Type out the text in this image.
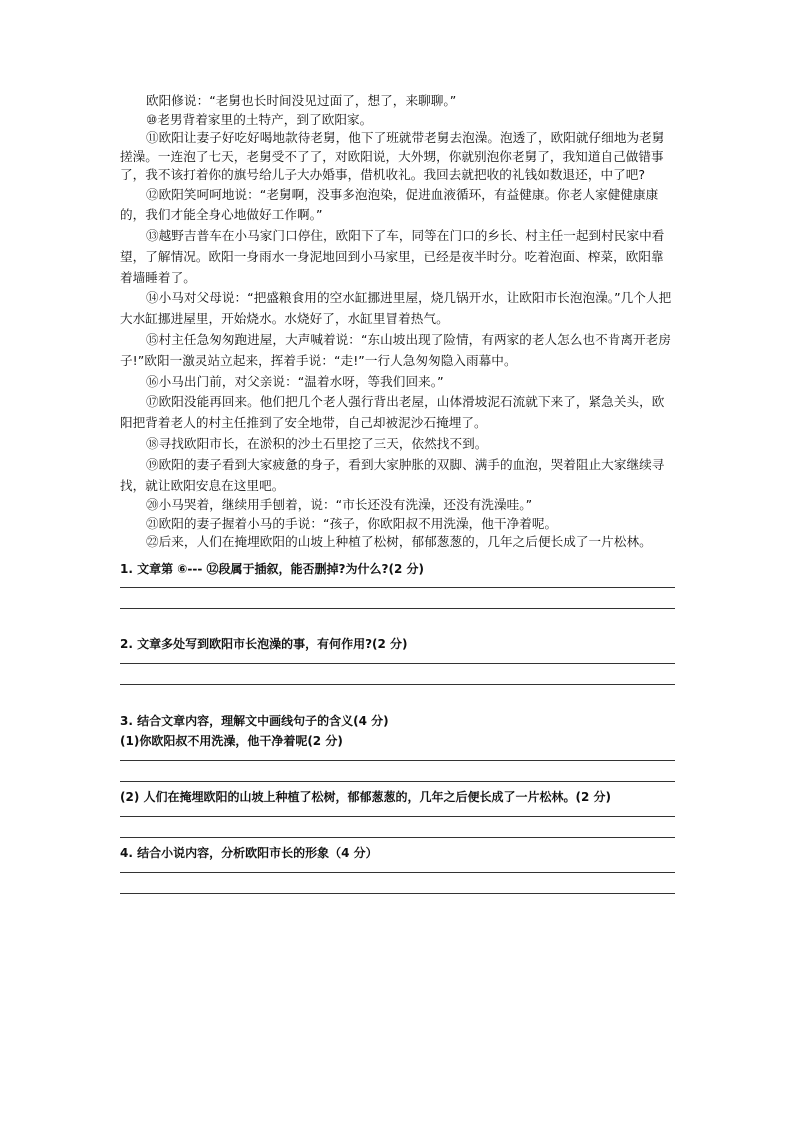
欧阳修说：“老舅也长时间没见过面了，想了，来聊聊。”

⑩老男背着家里的土特产，到了欧阳家。

⑪欧阳让妻子好吃好喝地款待老舅，他下了班就带老舅去泡澡。泡透了，欧阳就仔细地为老舅搓澡。一连泡了七天，老舅受不了了，对欧阳说，大外甥，你就别泡你老舅了，我知道自己做错事了，我不该打着你的旗号给儿子大办婚事，借机收礼。我回去就把收的礼钱如数退还，中了吧?

⑫欧阳笑呵呵地说：“老舅啊，没事多泡泡染，促进血液循环，有益健康。你老人家健健康康的，我们才能全身心地做好工作啊。”

⑬越野吉普车在小马家门口停住，欧阳下了车，同等在门口的乡长、村主任一起到村民家中看望，了解情况。欧阳一身雨水一身泥地回到小马家里，已经是夜半时分。吃着泡面、榨菜，欧阳靠着墙睡着了。

⑭小马对父母说：“把盛粮食用的空水缸挪进里屋，烧几锅开水，让欧阳市长泡泡澡。”几个人把大水缸挪进屋里，开始烧水。水烧好了，水缸里冒着热气。

⑮村主任急匆匆跑进屋，大声喊着说：“东山坡出现了险情，有两家的老人怎么也不肯离开老房子!”欧阳一激灵站立起来，挥着手说：“走!”一行人急匆匆隐入雨幕中。

⑯小马出门前，对父亲说：“温着水呀，等我们回来。”

⑰欧阳没能再回来。他们把几个老人强行背出老屋，山体滑坡泥石流就下来了，紧急关头，欧阳把背着老人的村主任推到了安全地带，自己却被泥沙石掩埋了。

⑱寻找欧阳市长，在淤积的沙土石里挖了三天，依然找不到。

⑲欧阳的妻子看到大家疲惫的身子，看到大家肿胀的双脚、满手的血泡，哭着阻止大家继续寻找，就让欧阳安息在这里吧。

⑳小马哭着，继续用手刨着，说：“市长还没有洗澡，还没有洗澡哇。”

㉑欧阳的妻子握着小马的手说：“孩子，你欧阳叔不用洗澡，他干净着呢。

㉒后来，人们在掩埋欧阳的山坡上种植了松树，郁郁葱葱的，几年之后便长成了一片松林。

1. 文章第 ⑥--- ⑫段属于插叙，能否删掉?为什么?(2 分)

2. 文章多处写到欧阳市长泡澡的事，有何作用?(2 分)

3. 结合文章内容，理解文中画线句子的含义(4 分)

(1)你欧阳叔不用洗澡，他干净着呢(2 分)

(2) 人们在掩埋欧阳的山坡上种植了松树，郁郁葱葱的，几年之后便长成了一片松林。(2 分)

4. 结合小说内容，分析欧阳市长的形象（4 分）
